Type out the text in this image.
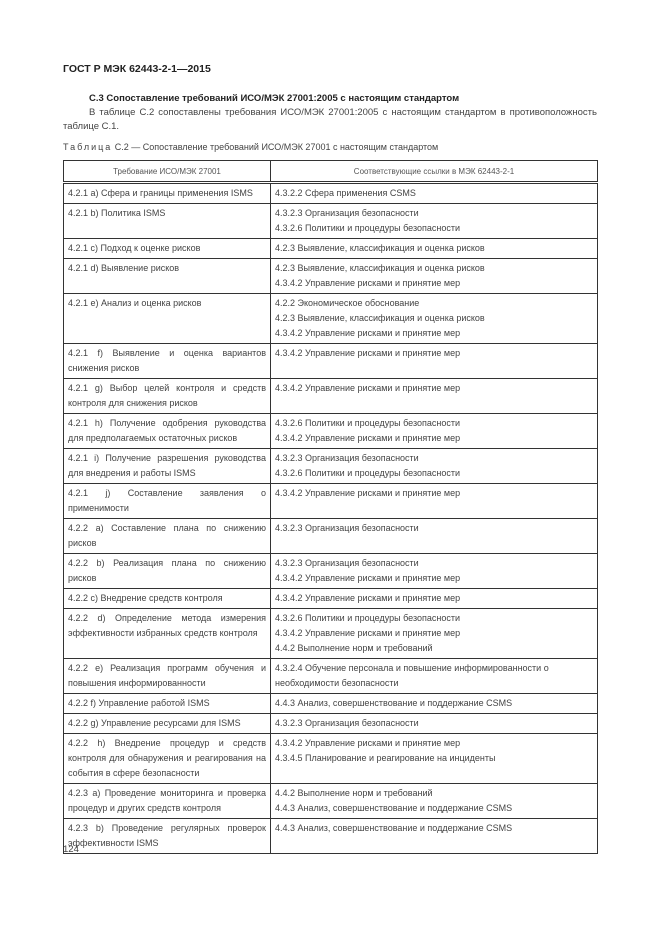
ГОСТ Р МЭК 62443-2-1—2015
С.3 Сопоставление требований ИСО/МЭК 27001:2005 с настоящим стандартом

В таблице С.2 сопоставлены требования ИСО/МЭК 27001:2005 с настоящим стандартом в противоположность таблице С.1.

Таблица С.2 — Сопоставление требований ИСО/МЭК 27001 с настоящим стандартом
Требование ИСО/МЭК 27001	Соответствующие ссылки в МЭК 62443-2-1
4.2.1 а) Сфера и границы применения ISMS	4.3.2.2 Сфера применения CSMS

4.2.1 b) Политика ISMS	4.3.2.3 Организация безопасности
4.3.2.6 Политики и процедуры безопасности

4.2.1 с) Подход к оценке рисков	4.2.3 Выявление, классификация и оценка рисков

4.2.1 d) Выявление рисков	4.2.3 Выявление, классификация и оценка рисков
4.3.4.2 Управление рисками и принятие мер

4.2.1 е) Анализ и оценка рисков	4.2.2 Экономическое обоснование
4.2.3 Выявление, классификация и оценка рисков
4.3.4.2 Управление рисками и принятие мер

4.2.1 f) Выявление и оценка вариантов снижения рисков	4.3.4.2 Управление рисками и принятие мер

4.2.1 g) Выбор целей контроля и средств контроля для снижения рисков	4.3.4.2 Управление рисками и принятие мер

4.2.1 h) Получение одобрения руководства для предполагаемых остаточных рисков	4.3.2.6 Политики и процедуры безопасности
4.3.4.2 Управление рисками и принятие мер

4.2.1 i) Получение разрешения руководства для внедрения и работы ISMS	4.3.2.3 Организация безопасности
4.3.2.6 Политики и процедуры безопасности

4.2.1 j) Составление заявления о применимости	4.3.4.2 Управление рисками и принятие мер

4.2.2 а) Составление плана по снижению рисков	4.3.2.3 Организация безопасности

4.2.2 b) Реализация плана по снижению рисков	4.3.2.3 Организация безопасности
4.3.4.2 Управление рисками и принятие мер

4.2.2 с) Внедрение средств контроля	4.3.4.2 Управление рисками и принятие мер

4.2.2 d) Определение метода измерения эффективности избранных средств контроля	4.3.2.6 Политики и процедуры безопасности
4.3.4.2 Управление рисками и принятие мер
4.4.2 Выполнение норм и требований

4.2.2 е) Реализация программ обучения и повышения информированности	4.3.2.4 Обучение персонала и повышение информированности о необходимости безопасности

4.2.2 f) Управление работой ISMS	4.4.3 Анализ, совершенствование и поддержание CSMS

4.2.2 g) Управление ресурсами для ISMS	4.3.2.3 Организация безопасности

4.2.2 h) Внедрение процедур и средств контроля для обнаружения и реагирования на события в сфере безопасности	4.3.4.2 Управление рисками и принятие мер
4.3.4.5 Планирование и реагирование на инциденты

4.2.3 а) Проведение мониторинга и проверка процедур и других средств контроля	4.4.2 Выполнение норм и требований
4.4.3 Анализ, совершенствование и поддержание CSMS

4.2.3 b) Проведение регулярных проверок эффективности ISMS	4.4.3 Анализ, совершенствование и поддержание CSMS
124
